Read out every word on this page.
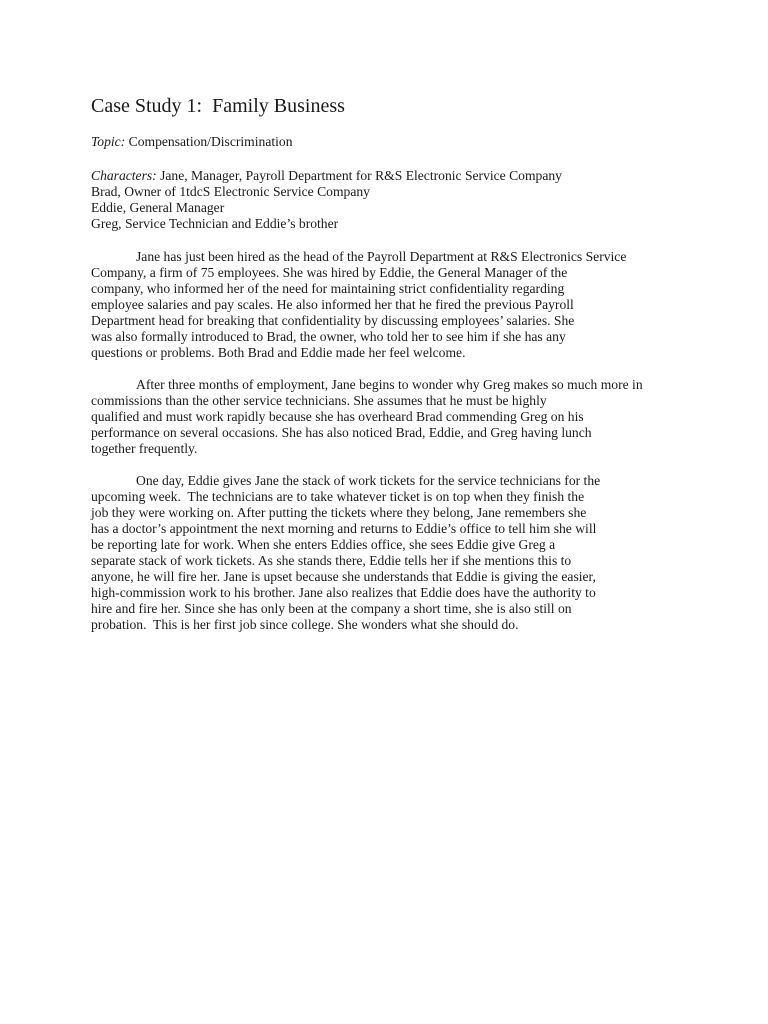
Case Study 1:  Family Business
Topic: Compensation/Discrimination
Characters: Jane, Manager, Payroll Department for R&S Electronic Service Company
Brad, Owner of 1tdcS Electronic Service Company
Eddie, General Manager
Greg, Service Technician and Eddie’s brother
Jane has just been hired as the head of the Payroll Department at R&S Electronics Service
Company, a firm of 75 employees. She was hired by Eddie, the General Manager of the
company, who informed her of the need for maintaining strict confidentiality regarding
employee salaries and pay scales. He also informed her that he fired the previous Payroll
Department head for breaking that confidentiality by discussing employees’ salaries. She
was also formally introduced to Brad, the owner, who told her to see him if she has any
questions or problems. Both Brad and Eddie made her feel welcome.
After three months of employment, Jane begins to wonder why Greg makes so much more in
commissions than the other service technicians. She assumes that he must be highly
qualified and must work rapidly because she has overheard Brad commending Greg on his
performance on several occasions. She has also noticed Brad, Eddie, and Greg having lunch
together frequently.
One day, Eddie gives Jane the stack of work tickets for the service technicians for the
upcoming week.  The technicians are to take whatever ticket is on top when they finish the
job they were working on. After putting the tickets where they belong, Jane remembers she
has a doctor’s appointment the next morning and returns to Eddie’s office to tell him she will
be reporting late for work. When she enters Eddies office, she sees Eddie give Greg a
separate stack of work tickets. As she stands there, Eddie tells her if she mentions this to
anyone, he will fire her. Jane is upset because she understands that Eddie is giving the easier,
high-commission work to his brother. Jane also realizes that Eddie does have the authority to
hire and fire her. Since she has only been at the company a short time, she is also still on
probation.  This is her first job since college. She wonders what she should do.
